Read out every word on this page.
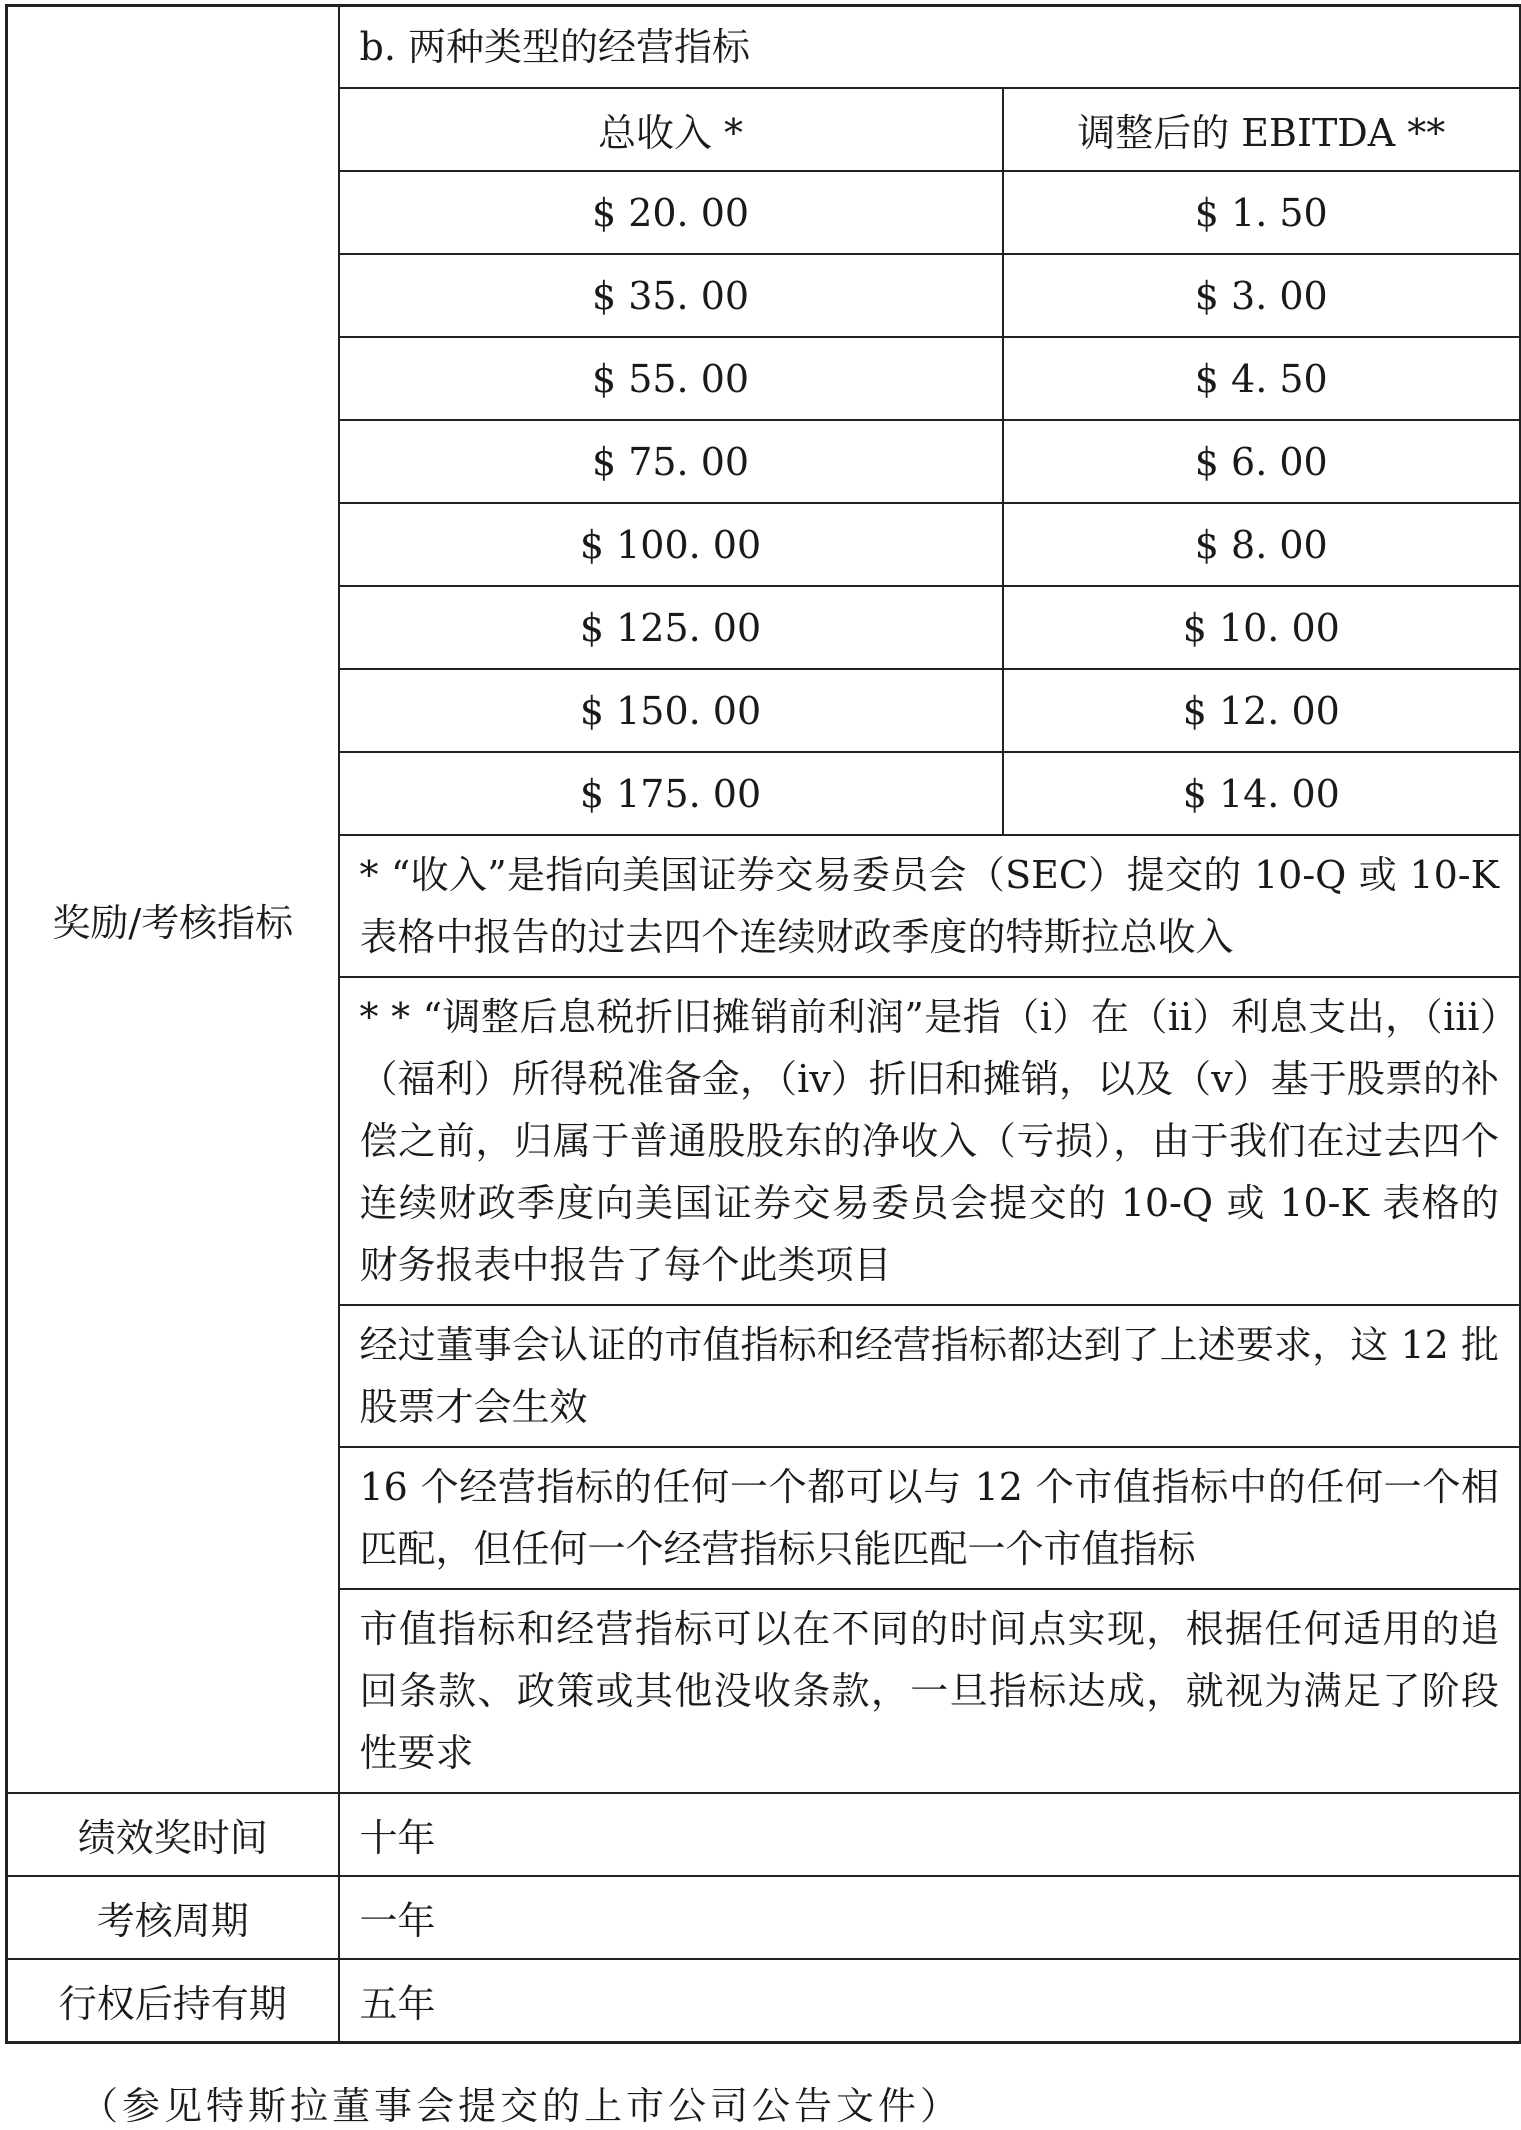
奖励/考核指标	b. 两种类型的经营指标	
	总收入 *	调整后的 EBITDA **
	$ 20. 00	$ 1. 50
	$ 35. 00	$ 3. 00
	$ 55. 00	$ 4. 50
	$ 75. 00	$ 6. 00
	$ 100. 00	$ 8. 00
	$ 125. 00	$ 10. 00
	$ 150. 00	$ 12. 00
	$ 175. 00	$ 14. 00
	* “收入”是指向美国证券交易委员会（SEC）提交的 10-Q 或 10-K 表格中报告的过去四个连续财政季度的特斯拉总收入	
	* * “调整后息税折旧摊销前利润”是指（i）在（ii）利息支出，（iii）（福利）所得税准备金，（iv）折旧和摊销，以及（v）基于股票的补偿之前，归属于普通股股东的净收入（亏损），由于我们在过去四个连续财政季度向美国证券交易委员会提交的 10-Q 或 10-K 表格的财务报表中报告了每个此类项目	
	经过董事会认证的市值指标和经营指标都达到了上述要求，这 12 批股票才会生效	
	16 个经营指标的任何一个都可以与 12 个市值指标中的任何一个相匹配，但任何一个经营指标只能匹配一个市值指标	
	市值指标和经营指标可以在不同的时间点实现，根据任何适用的追回条款、政策或其他没收条款，一旦指标达成，就视为满足了阶段性要求	
绩效奖时间	十年	
考核周期	一年	
行权后持有期	五年	
（参见特斯拉董事会提交的上市公司公告文件）
